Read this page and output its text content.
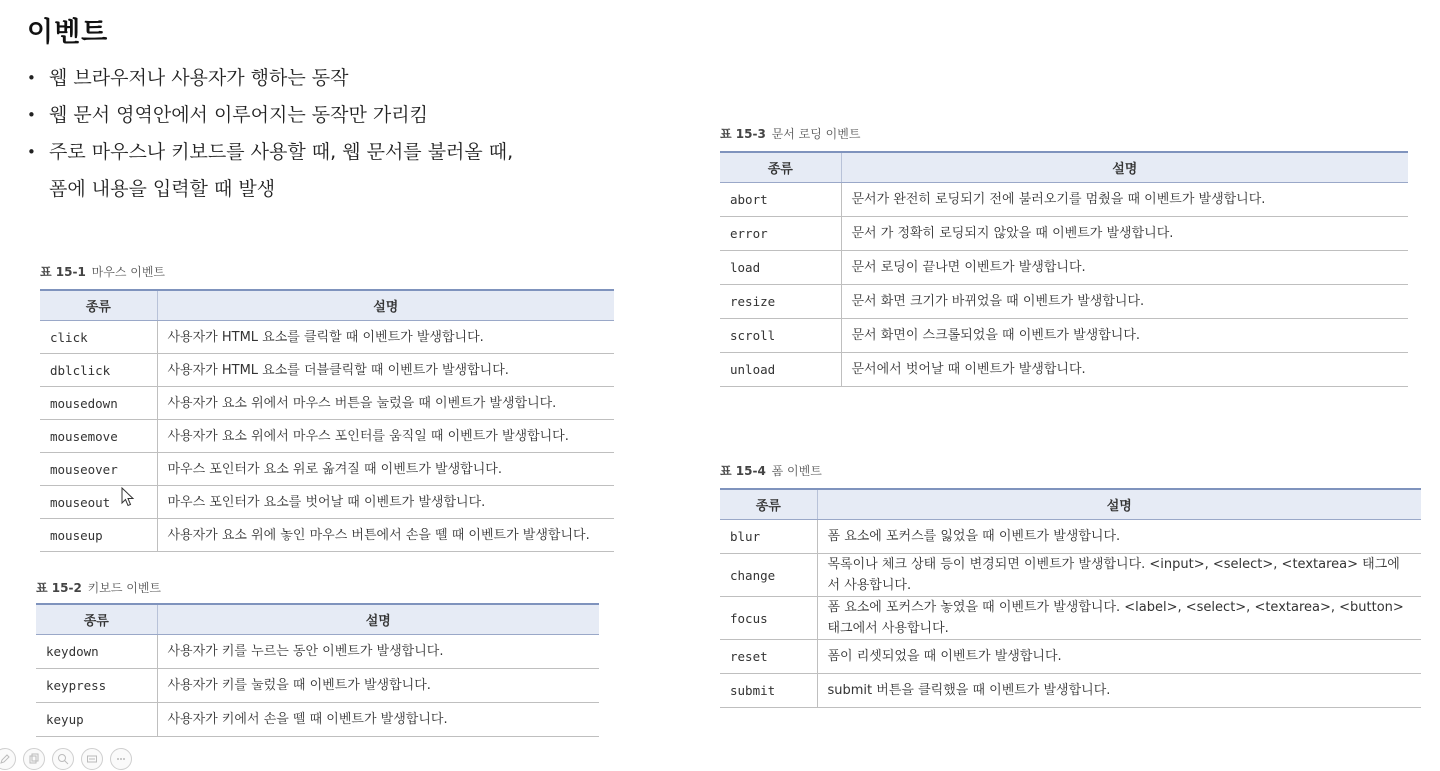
이벤트
• 웹 브라우저나 사용자가 행하는 동작
• 웹 문서 영역안에서 이루어지는 동작만 가리킴
• 주로 마우스나 키보드를 사용할 때, 웹 문서를 불러올 때,
폼에 내용을 입력할 때 발생
표 15-1 마우스 이벤트
종류	설명
click	사용자가 HTML 요소를 클릭할 때 이벤트가 발생합니다.
dblclick	사용자가 HTML 요소를 더블클릭할 때 이벤트가 발생합니다.
mousedown	사용자가 요소 위에서 마우스 버튼을 눌렀을 때 이벤트가 발생합니다.
mousemove	사용자가 요소 위에서 마우스 포인터를 움직일 때 이벤트가 발생합니다.
mouseover	마우스 포인터가 요소 위로 옮겨질 때 이벤트가 발생합니다.
mouseout	마우스 포인터가 요소를 벗어날 때 이벤트가 발생합니다.
mouseup	사용자가 요소 위에 놓인 마우스 버튼에서 손을 뗄 때 이벤트가 발생합니다.
표 15-2 키보드 이벤트
종류	설명
keydown	사용자가 키를 누르는 동안 이벤트가 발생합니다.
keypress	사용자가 키를 눌렀을 때 이벤트가 발생합니다.
keyup	사용자가 키에서 손을 뗄 때 이벤트가 발생합니다.
표 15-3 문서 로딩 이벤트
종류	설명
abort	문서가 완전히 로딩되기 전에 불러오기를 멈췄을 때 이벤트가 발생합니다.
error	문서 가 정확히 로딩되지 않았을 때 이벤트가 발생합니다.
load	문서 로딩이 끝나면 이벤트가 발생합니다.
resize	문서 화면 크기가 바뀌었을 때 이벤트가 발생합니다.
scroll	문서 화면이 스크롤되었을 때 이벤트가 발생합니다.
unload	문서에서 벗어날 때 이벤트가 발생합니다.
표 15-4 폼 이벤트
종류	설명
blur	폼 요소에 포커스를 잃었을 때 이벤트가 발생합니다.
change	목록이나 체크 상태 등이 변경되면 이벤트가 발생합니다. <input>, <select>, <textarea> 태그에서 사용합니다.
focus	폼 요소에 포커스가 놓였을 때 이벤트가 발생합니다. <label>, <select>, <textarea>, <button> 태그에서 사용합니다.
reset	폼이 리셋되었을 때 이벤트가 발생합니다.
submit	submit 버튼을 클릭했을 때 이벤트가 발생합니다.
